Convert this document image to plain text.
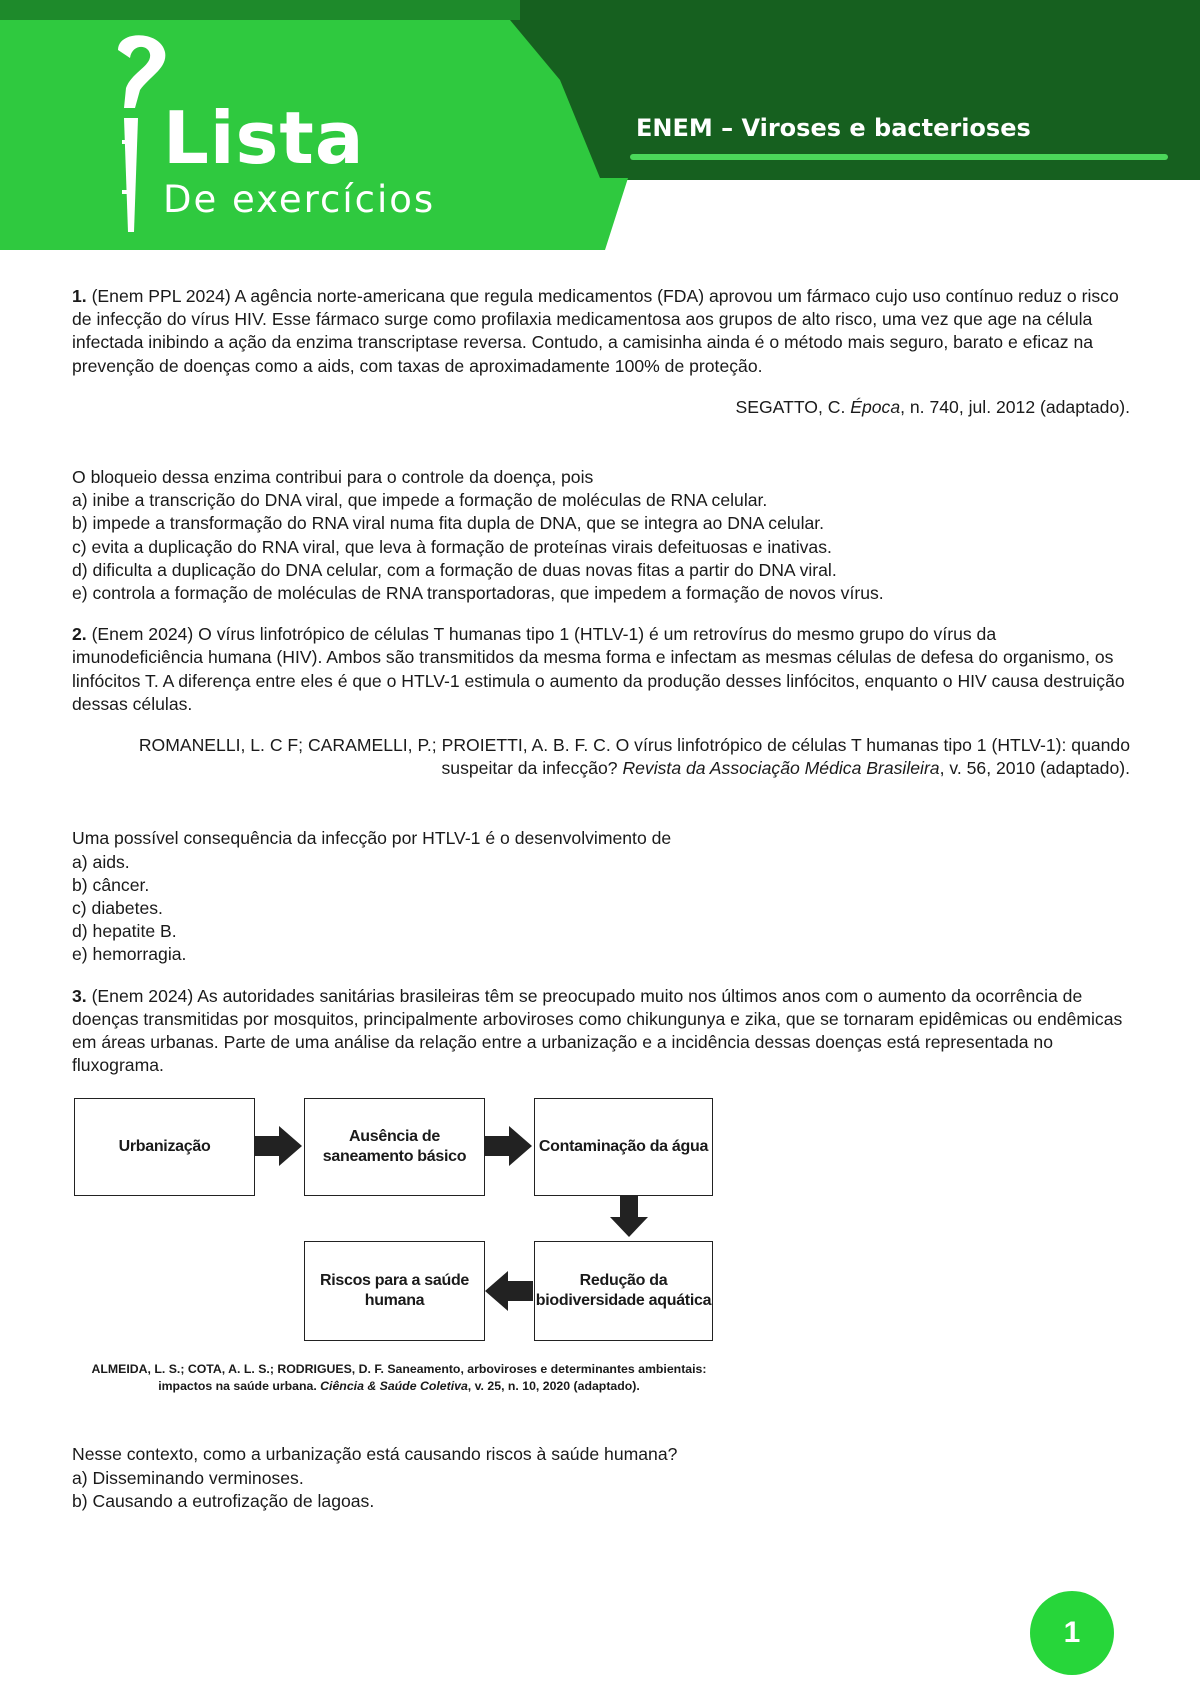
Lista
De exercícios
ENEM – Viroses e bacterioses

1. (Enem PPL 2024) A agência norte-americana que regula medicamentos (FDA) aprovou um fármaco cujo uso contínuo reduz o risco de infecção do vírus HIV. Esse fármaco surge como profilaxia medicamentosa aos grupos de alto risco, uma vez que age na célula infectada inibindo a ação da enzima transcriptase reversa. Contudo, a camisinha ainda é o método mais seguro, barato e eficaz na prevenção de doenças como a aids, com taxas de aproximadamente 100% de proteção.

SEGATTO, C. Época, n. 740, jul. 2012 (adaptado).

O bloqueio dessa enzima contribui para o controle da doença, pois

a) inibe a transcrição do DNA viral, que impede a formação de moléculas de RNA celular.

b) impede a transformação do RNA viral numa fita dupla de DNA, que se integra ao DNA celular.

c) evita a duplicação do RNA viral, que leva à formação de proteínas virais defeituosas e inativas.

d) dificulta a duplicação do DNA celular, com a formação de duas novas fitas a partir do DNA viral.

e) controla a formação de moléculas de RNA transportadoras, que impedem a formação de novos vírus.

2. (Enem 2024) O vírus linfotrópico de células T humanas tipo 1 (HTLV-1) é um retrovírus do mesmo grupo do vírus da imunodeficiência humana (HIV). Ambos são transmitidos da mesma forma e infectam as mesmas células de defesa do organismo, os linfócitos T. A diferença entre eles é que o HTLV-1 estimula o aumento da produção desses linfócitos, enquanto o HIV causa destruição dessas células.

ROMANELLI, L. C F; CARAMELLI, P.; PROIETTI, A. B. F. C. O vírus linfotrópico de células T humanas tipo 1 (HTLV-1): quando suspeitar da infecção? Revista da Associação Médica Brasileira, v. 56, 2010 (adaptado).

Uma possível consequência da infecção por HTLV-1 é o desenvolvimento de

a) aids.

b) câncer.

c) diabetes.

d) hepatite B.

e) hemorragia.

3. (Enem 2024) As autoridades sanitárias brasileiras têm se preocupado muito nos últimos anos com o aumento da ocorrência de doenças transmitidas por mosquitos, principalmente arboviroses como chikungunya e zika, que se tornaram epidêmicas ou endêmicas em áreas urbanas. Parte de uma análise da relação entre a urbanização e a incidência dessas doenças está representada no fluxograma.

Urbanização
Ausência de saneamento básico
Contaminação da água
Riscos para a saúde humana
Redução da biodiversidade aquática
ALMEIDA, L. S.; COTA, A. L. S.; RODRIGUES, D. F. Saneamento, arboviroses e determinantes ambientais: impactos na saúde urbana. Ciência & Saúde Coletiva, v. 25, n. 10, 2020 (adaptado).

Nesse contexto, como a urbanização está causando riscos à saúde humana?

a) Disseminando verminoses.

b) Causando a eutrofização de lagoas.

1
